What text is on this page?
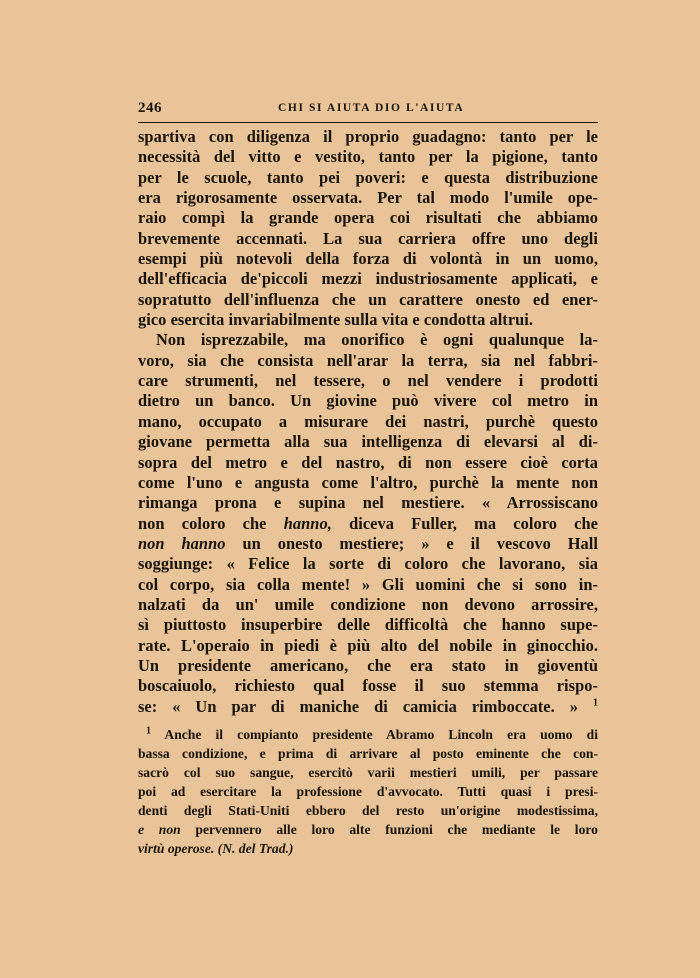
246	CHI SI AIUTA DIO L'AIUTA
spartiva con diligenza il proprio guadagno: tanto per le
necessità del vitto e vestito, tanto per la pigione, tanto
per le scuole, tanto pei poveri: e questa distribuzione
era rigorosamente osservata. Per tal modo l'umile ope-
raio compì la grande opera coi risultati che abbiamo
brevemente accennati. La sua carriera offre uno degli
esempi più notevoli della forza di volontà in un uomo,
dell'efficacia de'piccoli mezzi industriosamente applicati, e
sopratutto dell'influenza che un carattere onesto ed ener-
gico esercita invariabilmente sulla vita e condotta altrui.
Non isprezzabile, ma onorifico è ogni qualunque la-
voro, sia che consista nell'arar la terra, sia nel fabbri-
care strumenti, nel tessere, o nel vendere i prodotti
dietro un banco. Un giovine può vivere col metro in
mano, occupato a misurare dei nastri, purchè questo
giovane permetta alla sua intelligenza di elevarsi al di-
sopra del metro e del nastro, di non essere cioè corta
come l'uno e angusta come l'altro, purchè la mente non
rimanga prona e supina nel mestiere. « Arrossiscano
non coloro che hanno, diceva Fuller, ma coloro che
non hanno un onesto mestiere; » e il vescovo Hall
soggiunge: « Felice la sorte di coloro che lavorano, sia
col corpo, sia colla mente! » Gli uomini che si sono in-
nalzati da un' umile condizione non devono arrossire,
sì piuttosto insuperbire delle difficoltà che hanno supe-
rate. L'operaio in piedi è più alto del nobile in ginocchio.
Un presidente americano, che era stato in gioventù
boscaiuolo, richiesto qual fosse il suo stemma rispo-
se: « Un par di maniche di camicia rimboccate. » $^1$
$^1$ Anche il compianto presidente Abramo Lincoln era uomo di
bassa condizione, e prima di arrivare al posto eminente che con-
sacrò col suo sangue, esercitò varii mestieri umili, per passare
poi ad esercitare la professione d'avvocato. Tutti quasi i presi-
denti degli Stati-Uniti ebbero del resto un'origine modestissima,
e non pervennero alle loro alte funzioni che mediante le loro
virtù operose. (N. del Trad.)
